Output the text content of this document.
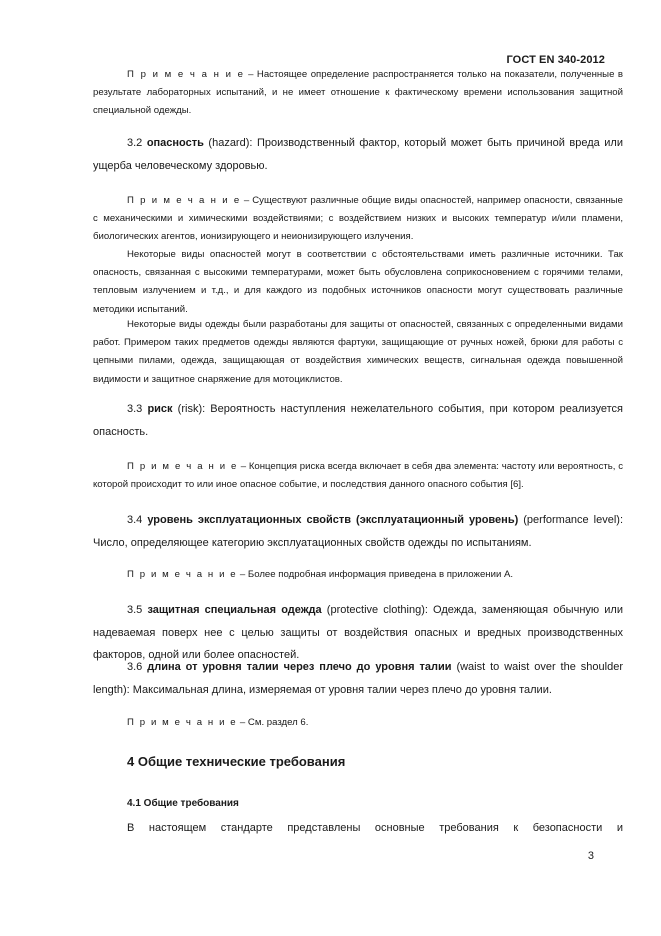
ГОСТ EN 340-2012

П р и м е ч а н и е – Настоящее определение распространяется только на показатели, полученные в результате лабораторных испытаний, и не имеет отношение к фактическому времени использования защитной специальной одежды.

3.2 опасность (hazard): Производственный фактор, который может быть причиной вреда или ущерба человеческому здоровью.

П р и м е ч а н и е – Существуют различные общие виды опасностей, например опасности, связанные с механическими и химическими воздействиями; с воздействием низких и высоких температур и/или пламени, биологических агентов, ионизирующего и неионизирующего излучения.

Некоторые виды опасностей могут в соответствии с обстоятельствами иметь различные источники. Так опасность, связанная с высокими температурами, может быть обусловлена соприкосновением с горячими телами, тепловым излучением и т.д., и для каждого из подобных источников опасности могут существовать различные методики испытаний.

Некоторые виды одежды были разработаны для защиты от опасностей, связанных с определенными видами работ. Примером таких предметов одежды являются фартуки, защищающие от ручных ножей, брюки для работы с цепными пилами, одежда, защищающая от воздействия химических веществ, сигнальная одежда повышенной видимости и защитное снаряжение для мотоциклистов.

3.3 риск (risk): Вероятность наступления нежелательного события, при котором реализуется опасность.

П р и м е ч а н и е – Концепция риска всегда включает в себя два элемента: частоту или вероятность, с которой происходит то или иное опасное событие, и последствия данного опасного события [6].

3.4 уровень эксплуатационных свойств (эксплуатационный уровень) (performance level): Число, определяющее категорию эксплуатационных свойств одежды по испытаниям.

П р и м е ч а н и е – Более подробная информация приведена в приложении А.

3.5 защитная специальная одежда (protective clothing): Одежда, заменяющая обычную или надеваемая поверх нее с целью защиты от воздействия опасных и вредных производственных факторов, одной или более опасностей.

3.6 длина от уровня талии через плечо до уровня талии (waist to waist over the shoulder length): Максимальная длина, измеряемая от уровня талии через плечо до уровня талии.

П р и м е ч а н и е – См. раздел 6.

4 Общие технические требования
4.1 Общие требования
В настоящем стандарте представлены основные требования к безопасности и
3
